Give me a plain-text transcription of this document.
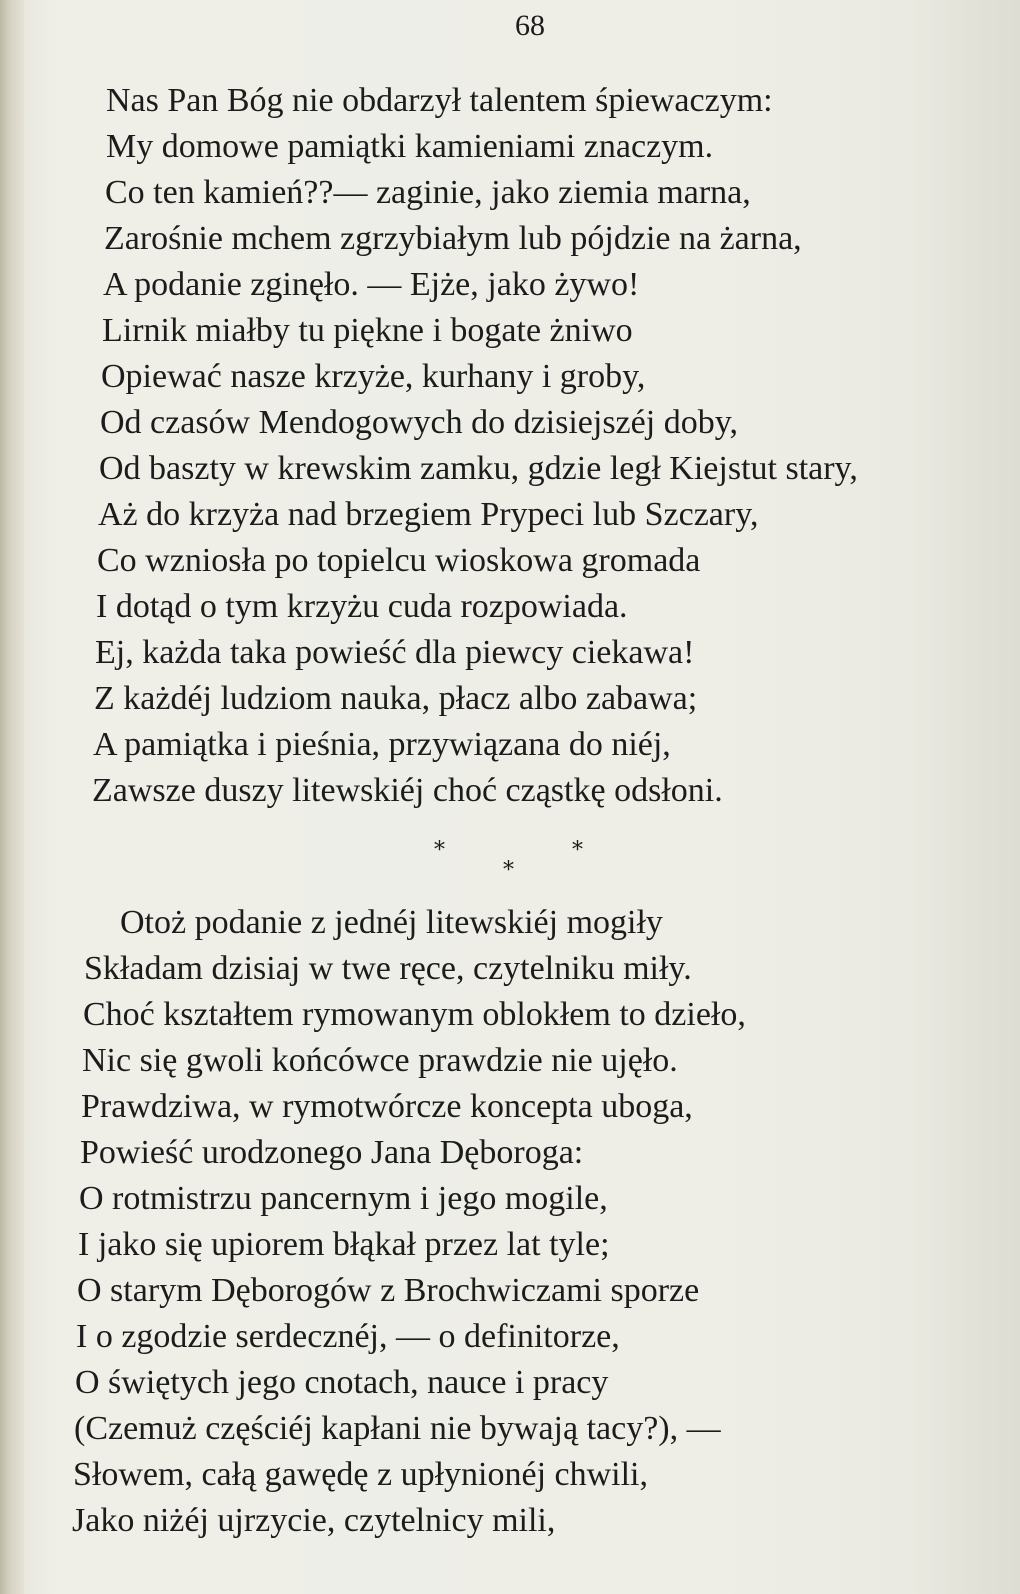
68
Nas Pan Bóg nie obdarzył talentem śpiewaczym:
My domowe pamiątki kamieniami znaczym.
Co ten kamień??— zaginie, jako ziemia marna,
Zarośnie mchem zgrzybiałym lub pójdzie na żarna,
A podanie zginęło. — Ejże, jako żywo!
Lirnik miałby tu piękne i bogate żniwo
Opiewać nasze krzyże, kurhany i groby,
Od czasów Mendogowych do dzisiejszéj doby,
Od baszty w krewskim zamku, gdzie legł Kiejstut stary,
Aż do krzyża nad brzegiem Prypeci lub Szczary,
Co wzniosła po topielcu wioskowa gromada
I dotąd o tym krzyżu cuda rozpowiada.
Ej, każda taka powieść dla piewcy ciekawa!
Z każdéj ludziom nauka, płacz albo zabawa;
A pamiątka i pieśnia, przywiązana do niéj,
Zawsze duszy litewskiéj choć cząstkę odsłoni.
*	*
*
Otoż podanie z jednéj litewskiéj mogiły
Składam dzisiaj w twe ręce, czytelniku miły.
Choć kształtem rymowanym oblokłem to dzieło,
Nic się gwoli końcówce prawdzie nie ujęło.
Prawdziwa, w rymotwórcze koncepta uboga,
Powieść urodzonego Jana Dęboroga:
O rotmistrzu pancernym i jego mogile,
I jako się upiorem błąkał przez lat tyle;
O starym Dęborogów z Brochwiczami sporze
I o zgodzie serdecznéj, — o definitorze,
O świętych jego cnotach, nauce i pracy
(Czemuż częściéj kapłani nie bywają tacy?), —
Słowem, całą gawędę z upłynionéj chwili,
Jako niżéj ujrzycie, czytelnicy mili,
